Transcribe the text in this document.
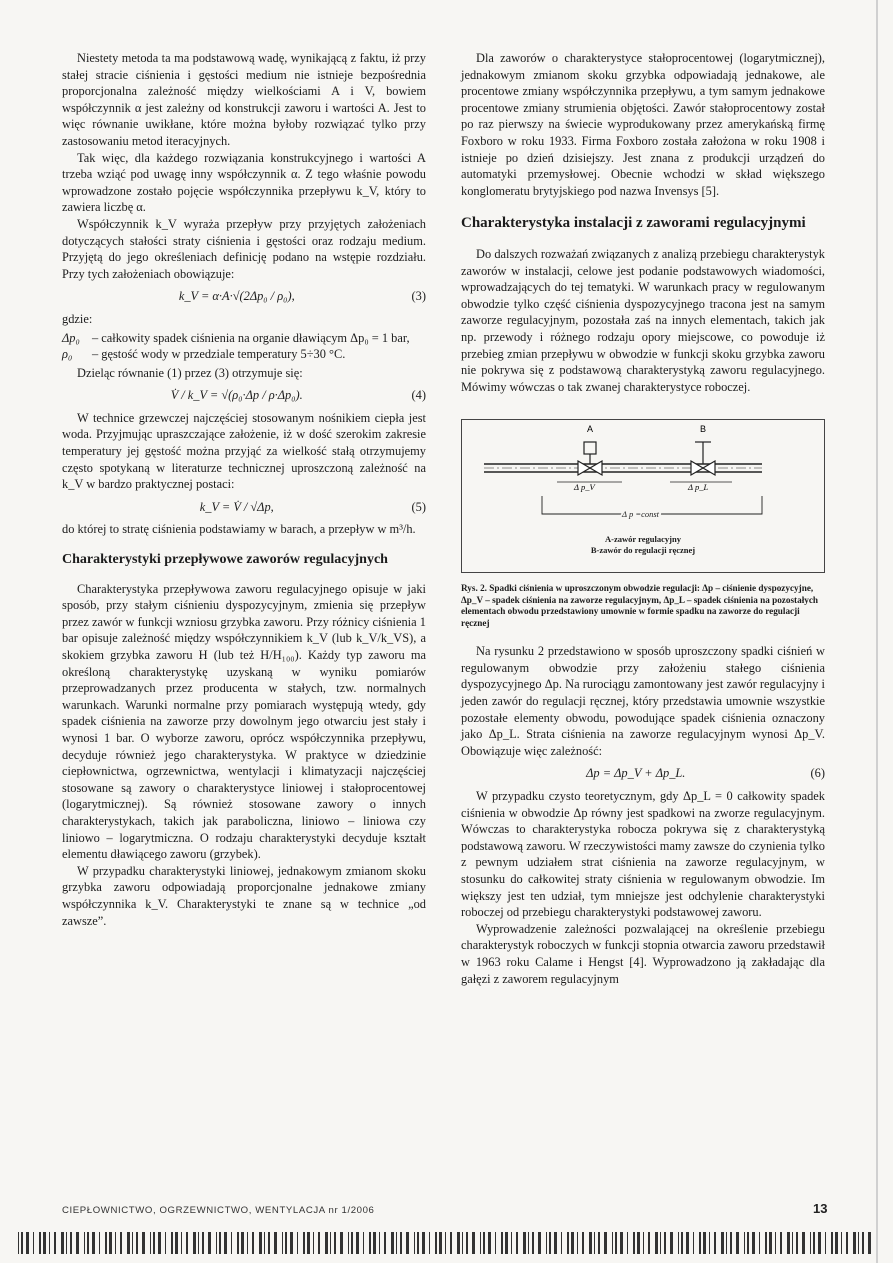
Niestety metoda ta ma podstawową wadę, wynikającą z faktu, iż przy stałej stracie ciśnienia i gęstości medium nie istnieje bezpośrednia proporcjonalna zależność między wielkościami A i V, bowiem współczynnik α jest zależny od konstrukcji zaworu i wartości A. Jest to więc równanie uwikłane, które można byłoby rozwiązać tylko przy zastosowaniu metod iteracyjnych.

Tak więc, dla każdego rozwiązania konstrukcyjnego i wartości A trzeba wziąć pod uwagę inny współczynnik α. Z tego właśnie powodu wprowadzone zostało pojęcie współczynnika przepływu k_V, który to zawiera liczbę α.

Współczynnik k_V wyraża przepływ przy przyjętych założeniach dotyczących stałości straty ciśnienia i gęstości oraz rodzaju medium. Przyjętą do jego określeniach definicję podano na wstępie rozdziału. Przy tych założeniach obowiązuje:

k_V = α·A·√(2Δp₀ / ρ₀),	(3)

gdzie:

Δp₀ – całkowity spadek ciśnienia na organie dławiącym Δp₀ = 1 bar,
ρ₀	– gęstość wody w przedziale temperatury 5÷30 °C.

Dzieląc równanie (1) przez (3) otrzymuje się:

V̇ / k_V = √(ρ₀·Δp / ρ·Δp₀).	(4)

W technice grzewczej najczęściej stosowanym nośnikiem ciepła jest woda. Przyjmując upraszczające założenie, iż w dość szerokim zakresie temperatury jej gęstość można przyjąć za wielkość stałą otrzymujemy często spotykaną w literaturze technicznej uproszczoną zależność na k_V w bardzo praktycznej postaci:

k_V = V̇ / √Δp,	(5)

do której to stratę ciśnienia podstawiamy w barach, a przepływ w m³/h.

Charakterystyki przepływowe zaworów regulacyjnych

Charakterystyka przepływowa zaworu regulacyjnego opisuje w jaki sposób, przy stałym ciśnieniu dyspozycyjnym, zmienia się przepływ przez zawór w funkcji wzniosu grzybka zaworu. Przy różnicy ciśnienia 1 bar opisuje zależność między współczynnikiem k_V (lub k_V/k_VS), a skokiem grzybka zaworu H (lub też H/H₁₀₀). Każdy typ zaworu ma określoną charakterystykę uzyskaną w wyniku pomiarów przeprowadzanych przez producenta w stałych, tzw. normalnych warunkach. Warunki normalne przy pomiarach występują wtedy, gdy spadek ciśnienia na zaworze przy dowolnym jego otwarciu jest stały i wynosi 1 bar. O wyborze zaworu, oprócz współczynnika przepływu, decyduje również jego charakterystyka. W praktyce w dziedzinie ciepłownictwa, ogrzewnictwa, wentylacji i klimatyzacji najczęściej stosowane są zawory o charakterystyce liniowej i stałoprocentowej (logarytmicznej). Są również stosowane zawory o innych charakterystykach, takich jak paraboliczna, liniowo – liniowa czy liniowo – logarytmiczna. O rodzaju charakterystyki decyduje kształt elementu dławiącego zaworu (grzybek).

W przypadku charakterystyki liniowej, jednakowym zmianom skoku grzybka zaworu odpowiadają proporcjonalne jednakowe zmiany współczynnika k_V. Charakterystyki te znane są w technice „od zawsze”.

Dla zaworów o charakterystyce stałoprocentowej (logarytmicznej), jednakowym zmianom skoku grzybka odpowiadają jednakowe, ale procentowe zmiany współczynnika przepływu, a tym samym jednakowe procentowe zmiany strumienia objętości. Zawór stałoprocentowy został po raz pierwszy na świecie wyprodukowany przez amerykańską firmę Foxboro w roku 1933. Firma Foxboro została założona w roku 1908 i istnieje po dzień dzisiejszy. Jest znana z produkcji urządzeń do automatyki przemysłowej. Obecnie wchodzi w skład większego konglomeratu brytyjskiego pod nazwa Invensys [5].

Charakterystyka instalacji z zaworami regulacyjnymi

Do dalszych rozważań związanych z analizą przebiegu charakterystyk zaworów w instalacji, celowe jest podanie podstawowych wiadomości, wprowadzających do tej tematyki. W warunkach pracy w regulowanym obwodzie tylko część ciśnienia dyspozycyjnego tracona jest na samym zaworze regulacyjnym, pozostała zaś na innych elementach, takich jak np. przewody i różnego rodzaju opory miejscowe, co powoduje iż przebieg zmian przepływu w obwodzie w funkcji skoku grzybka zaworu nie pokrywa się z podstawową charakterystyką zaworu regulacyjnego. Mówimy wówczas o tak zwanej charakterystyce roboczej.

A	B
Δ p_V	Δ p_L
Δ p =const
A-zawór regulacyjny
B-zawór do regulacji ręcznej
Rys. 2. Spadki ciśnienia w uproszczonym obwodzie regulacji: Δp – ciśnienie dyspozycyjne, Δp_V – spadek ciśnienia na zaworze regulacyjnym, Δp_L – spadek ciśnienia na pozostałych elementach obwodu przedstawiony umownie w formie spadku na zaworze do regulacji ręcznej

Na rysunku 2 przedstawiono w sposób uproszczony spadki ciśnień w regulowanym obwodzie przy założeniu stałego ciśnienia dyspozycyjnego Δp. Na rurociągu zamontowany jest zawór regulacyjny i jeden zawór do regulacji ręcznej, który przedstawia umownie wszystkie pozostałe elementy obwodu, powodujące spadek ciśnienia oznaczony jako Δp_L. Strata ciśnienia na zaworze regulacyjnym wynosi Δp_V. Obowiązuje więc zależność:

Δp = Δp_V + Δp_L.	(6)

W przypadku czysto teoretycznym, gdy Δp_L = 0 całkowity spadek ciśnienia w obwodzie Δp równy jest spadkowi na zworze regulacyjnym. Wówczas to charakterystyka robocza pokrywa się z charakterystyką podstawową zaworu. W rzeczywistości mamy zawsze do czynienia tylko z pewnym udziałem strat ciśnienia na zaworze regulacyjnym, w stosunku do całkowitej straty ciśnienia w regulowanym obwodzie. Im większy jest ten udział, tym mniejsze jest odchylenie charakterystyki roboczej od przebiegu charakterystyki podstawowej zaworu.

Wyprowadzenie zależności pozwalającej na określenie przebiegu charakterystyk roboczych w funkcji stopnia otwarcia zaworu przedstawił w 1963 roku Calame i Hengst [4]. Wyprowadzono ją zakładając dla gałęzi z zaworem regulacyjnym

CIEPŁOWNICTWO, OGRZEWNICTWO, WENTYLACJA nr 1/2006	13
